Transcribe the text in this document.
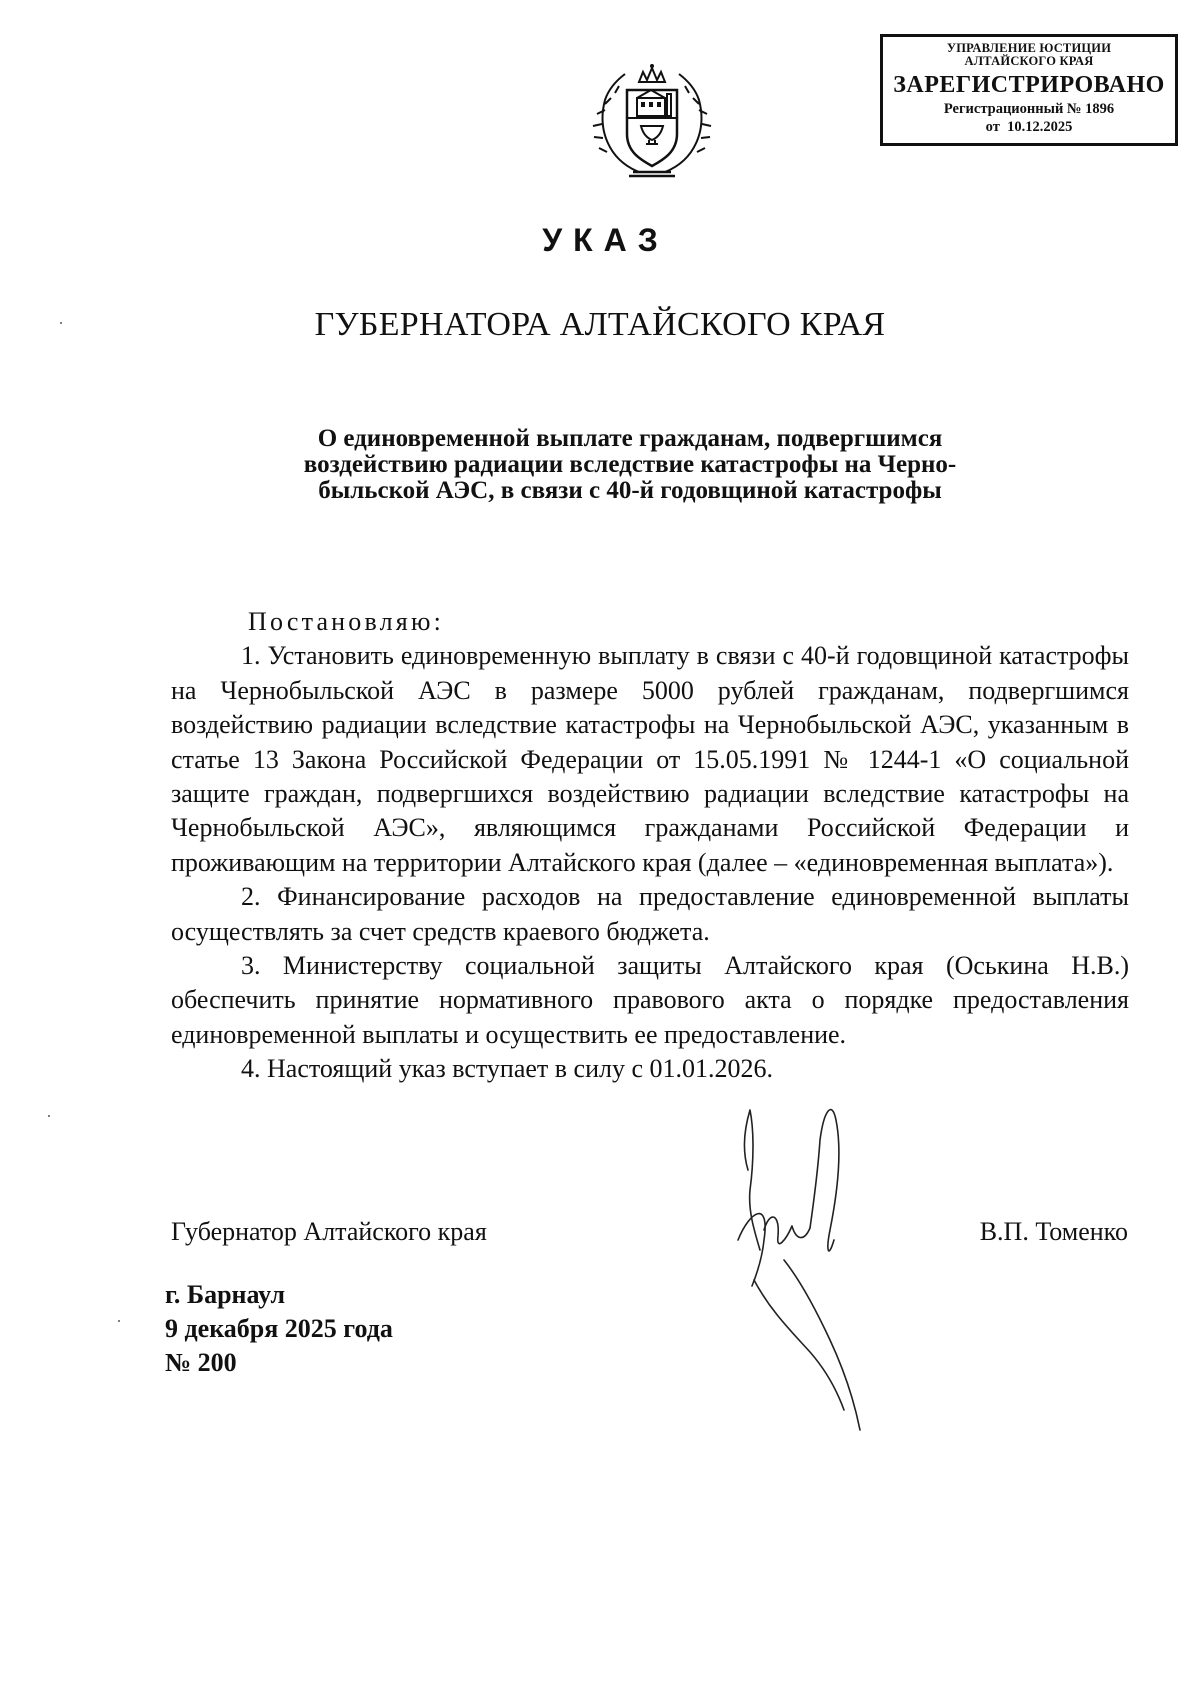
УПРАВЛЕНИЕ ЮСТИЦИИ
АЛТАЙСКОГО КРАЯ
ЗАРЕГИСТРИРОВАНО
Регистрационный № 1896
от  10.12.2025
УКАЗ
ГУБЕРНАТОРА АЛТАЙСКОГО КРАЯ
О единовременной выплате гражданам, подвергшимся
воздействию радиации вследствие катастрофы на Черно-
быльской АЭС, в связи с 40-й годовщиной катастрофы
Постановляю:

1. Установить единовременную выплату в связи с 40-й годовщиной катастрофы на Чернобыльской АЭС в размере 5000 рублей гражданам, подвергшимся воздействию радиации вследствие катастрофы на Чернобыльской АЭС, указанным в статье 13 Закона Российской Федерации от 15.05.1991 № 1244-1 «О социальной защите граждан, подвергшихся воздействию радиации вследствие катастрофы на Чернобыльской АЭС», являющимся гражданами Российской Федерации и проживающим на территории Алтайского края (далее – «единовременная выплата»).

2. Финансирование расходов на предоставление единовременной выплаты осуществлять за счет средств краевого бюджета.

3. Министерству социальной защиты Алтайского края (Оськина Н.В.) обеспечить принятие нормативного правового акта о порядке предоставления единовременной выплаты и осуществить ее предоставление.

4. Настоящий указ вступает в силу с 01.01.2026.

Губернатор Алтайского края	В.П. Томенко
г. Барнаул
9 декабря 2025 года
№ 200
